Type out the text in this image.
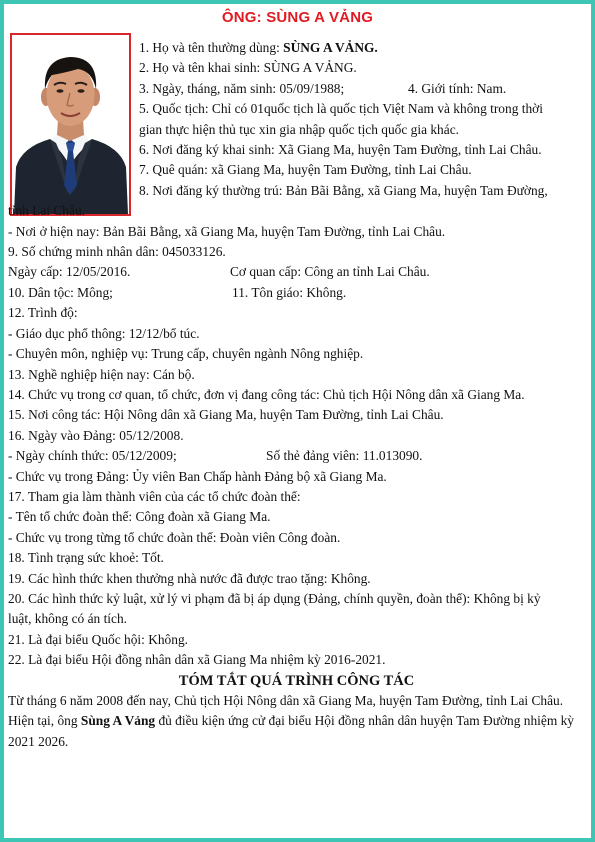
ÔNG: SÙNG A VẢNG

1. Họ và tên thường dùng: SÙNG A VẢNG.

2. Họ và tên khai sinh: SÙNG A VẢNG.

3. Ngày, tháng, năm sinh: 05/09/1988;	4. Giới tính: Nam.

5. Quốc tịch: Chỉ có 01quốc tịch là quốc tịch Việt Nam và không trong thời

gian thực hiện thủ tục xin gia nhập quốc tịch quốc gia khác.

6. Nơi đăng ký khai sinh: Xã Giang Ma, huyện Tam Đường, tỉnh Lai Châu.

7. Quê quán: xã Giang Ma, huyện Tam Đường, tỉnh Lai Châu.

8. Nơi đăng ký thường trú: Bản Bãi Bằng, xã Giang Ma, huyện Tam Đường,

tỉnh Lai Châu.

- Nơi ở hiện nay: Bản Bãi Bằng, xã Giang Ma, huyện Tam Đường, tỉnh Lai Châu.

9. Số chứng minh nhân dân: 045033126.

Ngày cấp: 12/05/2016.	Cơ quan cấp: Công an tỉnh Lai Châu.

10. Dân tộc: Mông;	11. Tôn giáo: Không.

12. Trình độ:

- Giáo dục phổ thông: 12/12/bổ túc.

- Chuyên môn, nghiệp vụ: Trung cấp, chuyên ngành Nông nghiệp.

13. Nghề nghiệp hiện nay: Cán bộ.

14. Chức vụ trong cơ quan, tổ chức, đơn vị đang công tác: Chủ tịch Hội Nông dân xã Giang Ma.

15. Nơi công tác: Hội Nông dân xã Giang Ma, huyện Tam Đường, tỉnh Lai Châu.

16. Ngày vào Đảng: 05/12/2008.

- Ngày chính thức: 05/12/2009;	Số thẻ đảng viên: 11.013090.

- Chức vụ trong Đảng: Ủy viên Ban Chấp hành Đảng bộ xã Giang Ma.

17. Tham gia làm thành viên của các tổ chức đoàn thể:

- Tên tổ chức đoàn thể: Công đoàn xã Giang Ma.

- Chức vụ trong từng tổ chức đoàn thể: Đoàn viên Công đoàn.

18. Tình trạng sức khoẻ: Tốt.

19. Các hình thức khen thưởng nhà nước đã được trao tặng: Không.

20. Các hình thức kỷ luật, xử lý vi phạm đã bị áp dụng (Đảng, chính quyền, đoàn thể): Không bị kỷ

luật, không có án tích.

21. Là đại biểu Quốc hội: Không.

22. Là đại biểu Hội đồng nhân dân xã Giang Ma nhiệm kỳ 2016-2021.

TÓM TẮT QUÁ TRÌNH CÔNG TÁC

Từ tháng 6 năm 2008 đến nay, Chủ tịch Hội Nông dân xã Giang Ma, huyện Tam Đường, tỉnh Lai Châu.

Hiện tại, ông Sùng A Vảng đủ điều kiện ứng cử đại biểu Hội đồng nhân dân huyện Tam Đường nhiệm kỳ 2021 2026.
